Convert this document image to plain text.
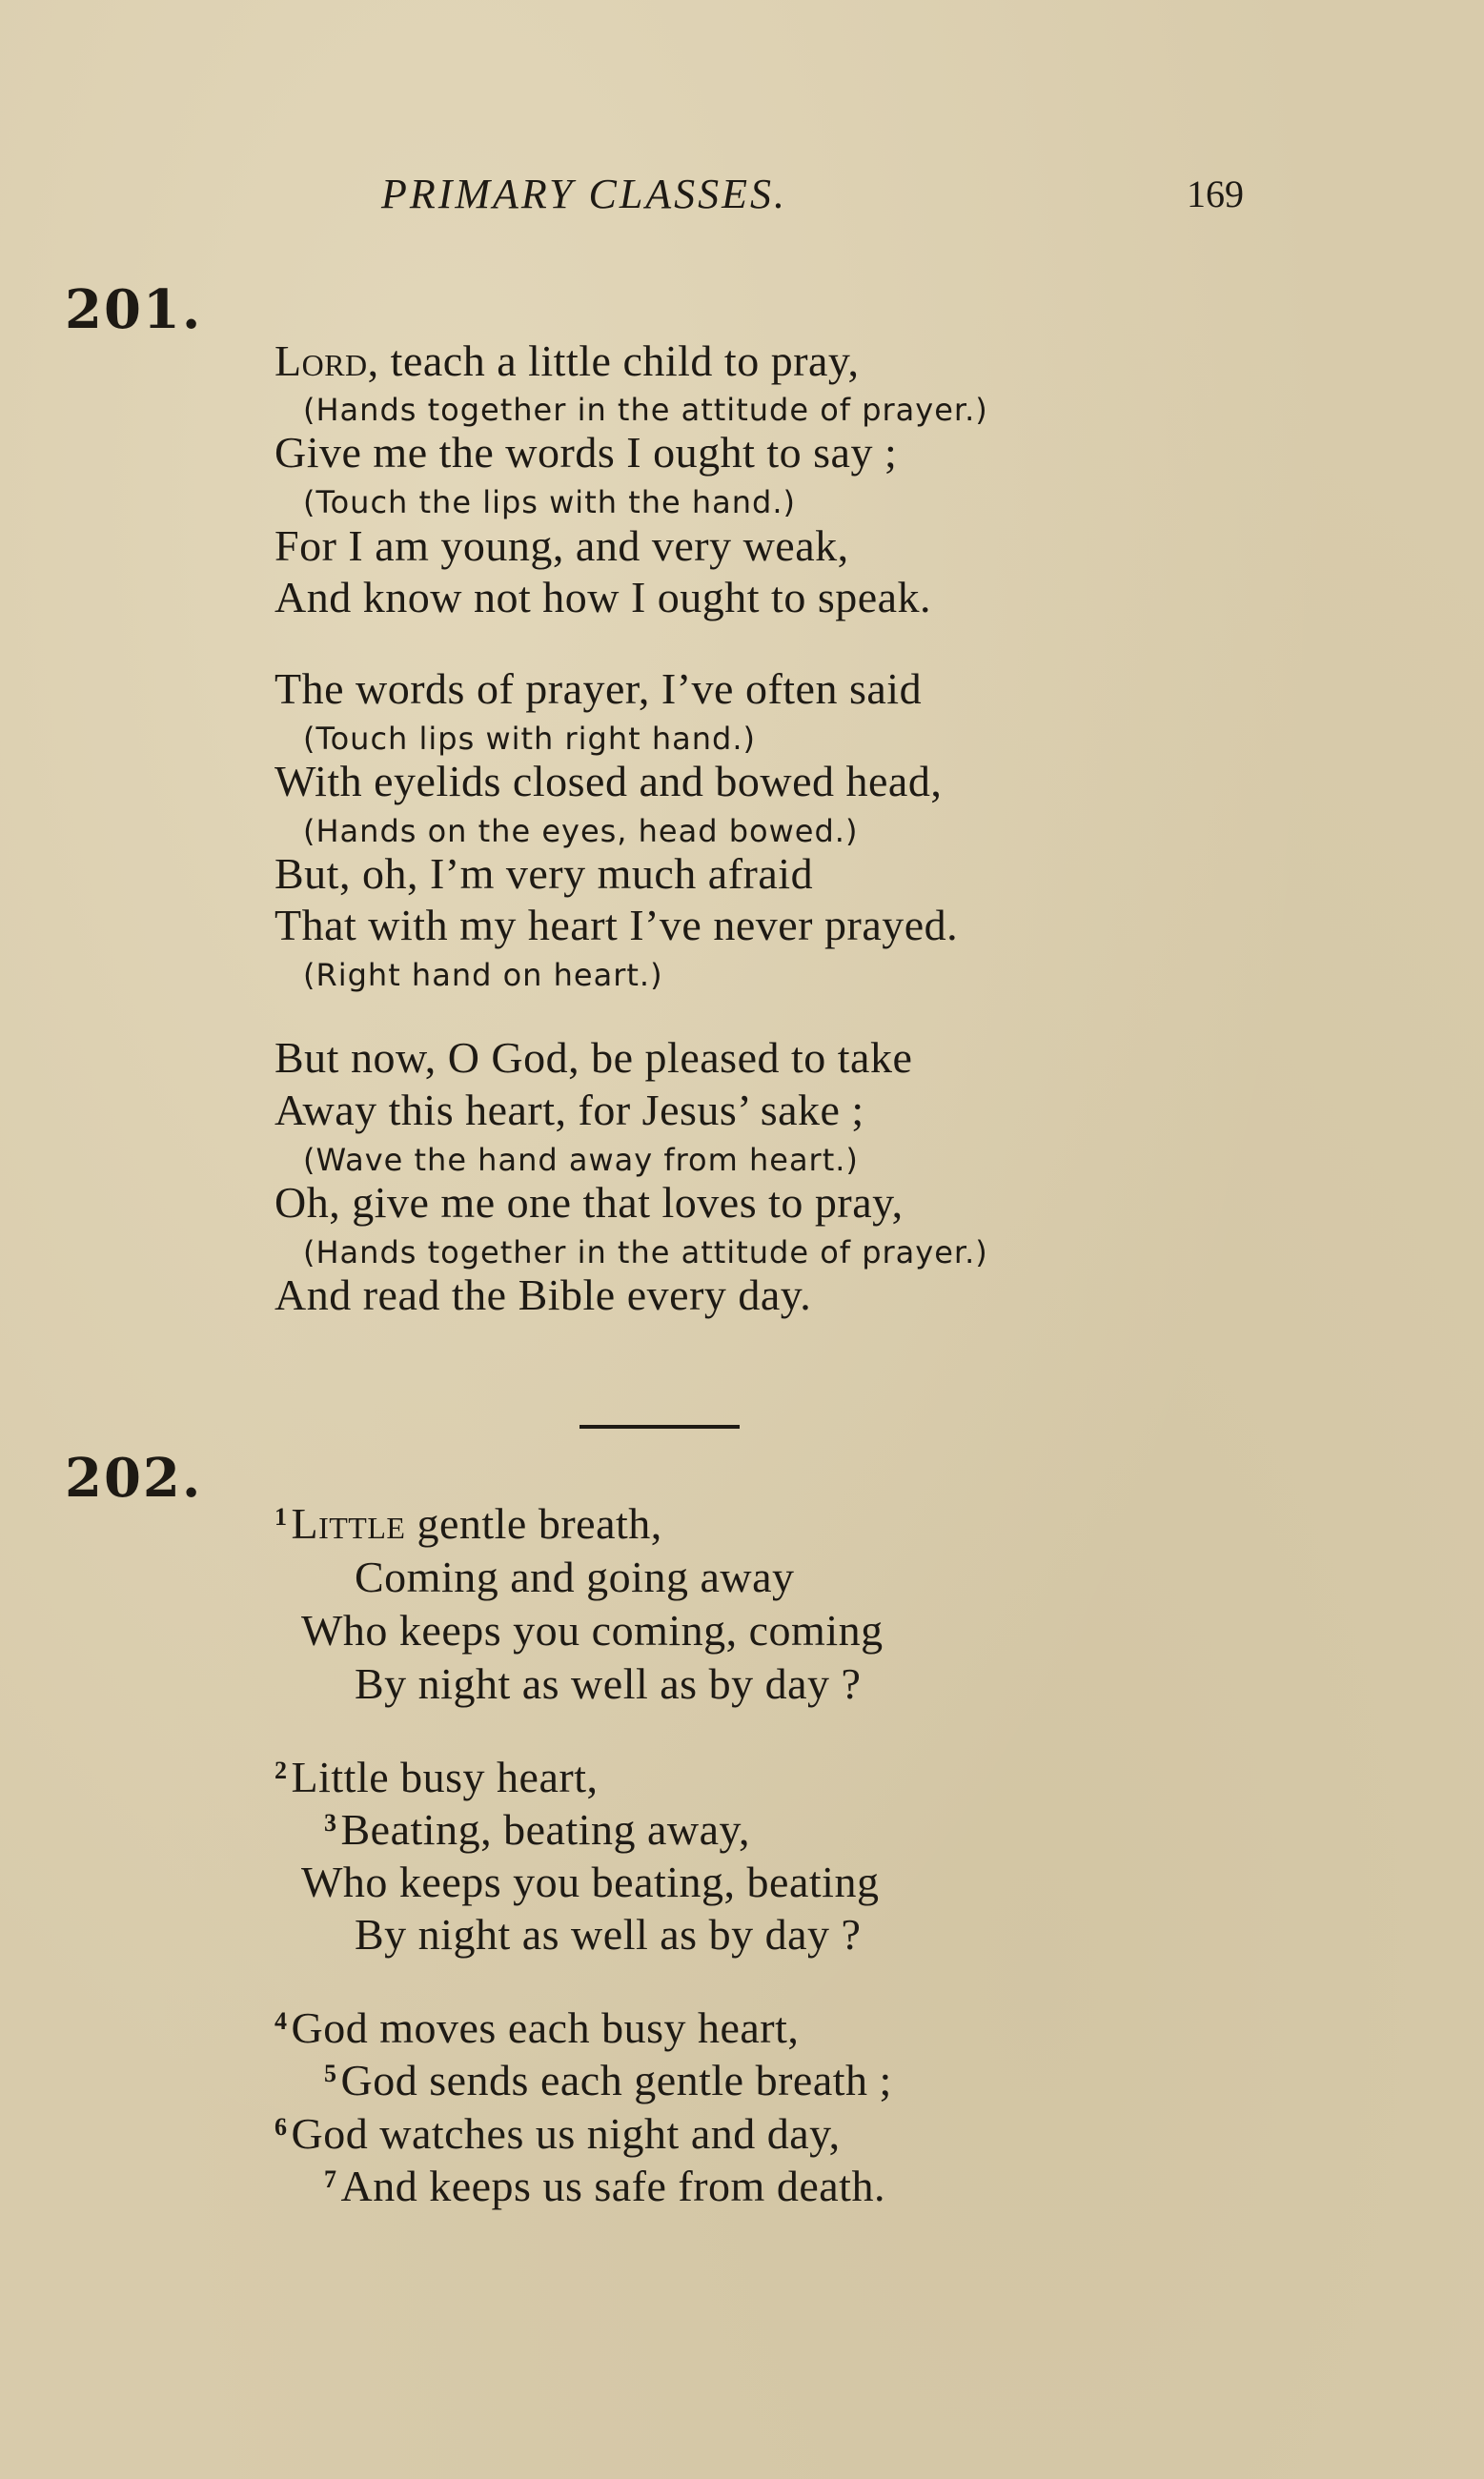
PRIMARY CLASSES.	169
201.
Lord, teach a little child to pray,
(Hands together in the attitude of prayer.)
Give me the words I ought to say ;
(Touch the lips with the hand.)
For I am young, and very weak,
And know not how I ought to speak.
The words of prayer, I’ve often said
(Touch lips with right hand.)
With eyelids closed and bowed head,
(Hands on the eyes, head bowed.)
But, oh, I’m very much afraid
That with my heart I’ve never prayed.
(Right hand on heart.)
But now, O God, be pleased to take
Away this heart, for Jesus’ sake ;
(Wave the hand away from heart.)
Oh, give me one that loves to pray,
(Hands together in the attitude of prayer.)
And read the Bible every day.
202.
$^1$Little gentle breath,
Coming and going away
Who keeps you coming, coming
By night as well as by day ?
$^2$Little busy heart,
$^3$Beating, beating away,
Who keeps you beating, beating
By night as well as by day ?
$^4$God moves each busy heart,
$^5$God sends each gentle breath ;
$^6$God watches us night and day,
$^7$And keeps us safe from death.
